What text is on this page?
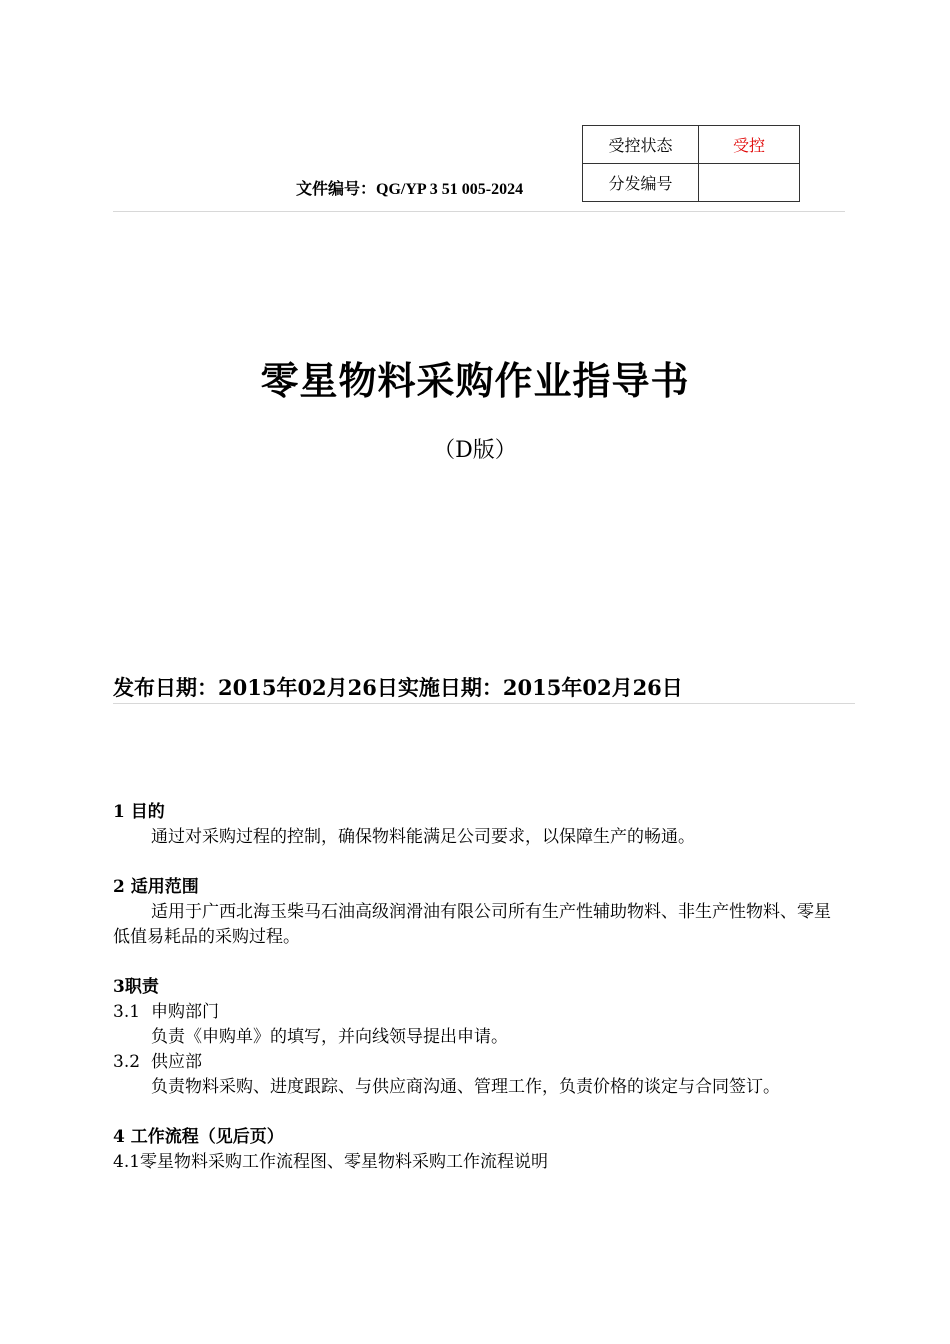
受控状态	受控
分发编号	
文件编号：QG/YP 3 51 005-2024
零星物料采购作业指导书
（D版）
发布日期：2015年02月26日实施日期：2015年02月26日

1 目的

通过对采购过程的控制，确保物料能满足公司要求，以保障生产的畅通。

2 适用范围

适用于广西北海玉柴马石油高级润滑油有限公司所有生产性辅助物料、非生产性物料、零星低值易耗品的采购过程。

3职责

3.1 申购部门

负责《申购单》的填写，并向线领导提出申请。

3.2 供应部

负责物料采购、进度跟踪、与供应商沟通、管理工作，负责价格的谈定与合同签订。

4 工作流程（见后页）

4.1零星物料采购工作流程图、零星物料采购工作流程说明
